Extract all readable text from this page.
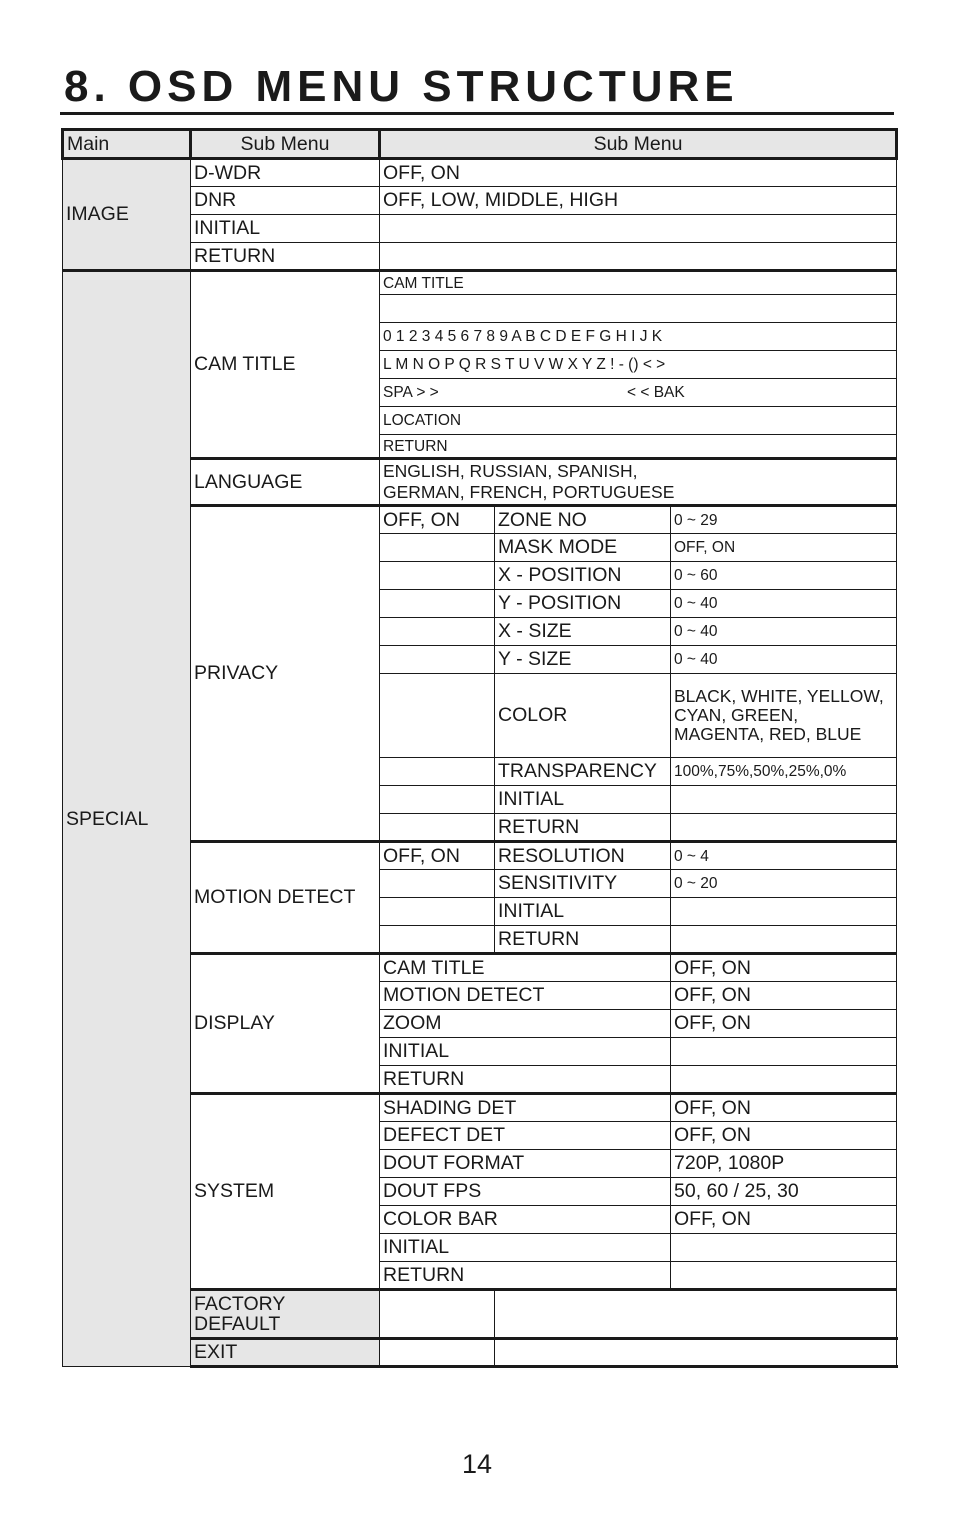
8. OSD MENU STRUCTURE
Main	Sub Menu	Sub Menu		
IMAGE	D-WDR	OFF, ON		
	DNR	OFF, LOW, MIDDLE, HIGH		
	INITIAL			
	RETURN			
SPECIAL	CAM TITLE	CAM TITLE		

		0 1 2 3 4 5 6 7 8 9 A B C D E F G H I J K		
		L M N O P Q R S T U V W X Y Z ! - () < >		
		SPA > > < < BAK		
		LOCATION		
		RETURN		
	LANGUAGE	ENGLISH, RUSSIAN, SPANISH,
GERMAN, FRENCH, PORTUGUESE		
	PRIVACY	OFF, ON	ZONE NO	0 ~ 29
			MASK MODE	OFF, ON
			X - POSITION	0 ~ 60
			Y - POSITION	0 ~ 40
			X - SIZE	0 ~ 40
			Y - SIZE	0 ~ 40
			COLOR	BLACK, WHITE, YELLOW, CYAN, GREEN, MAGENTA, RED, BLUE
			TRANSPARENCY	100%,75%,50%,25%,0%
			INITIAL	
			RETURN	
	MOTION DETECT	OFF, ON	RESOLUTION	0 ~ 4
			SENSITIVITY	0 ~ 20
			INITIAL	
			RETURN	
	DISPLAY	CAM TITLE		OFF, ON
		MOTION DETECT		OFF, ON
		ZOOM		OFF, ON
		INITIAL		
		RETURN		
	SYSTEM	SHADING DET		OFF, ON
		DEFECT DET		OFF, ON
		DOUT FORMAT		720P, 1080P
		DOUT FPS		50, 60 / 25, 30
		COLOR BAR		OFF, ON
		INITIAL		
		RETURN		
	FACTORY
DEFAULT			
	EXIT			
14
